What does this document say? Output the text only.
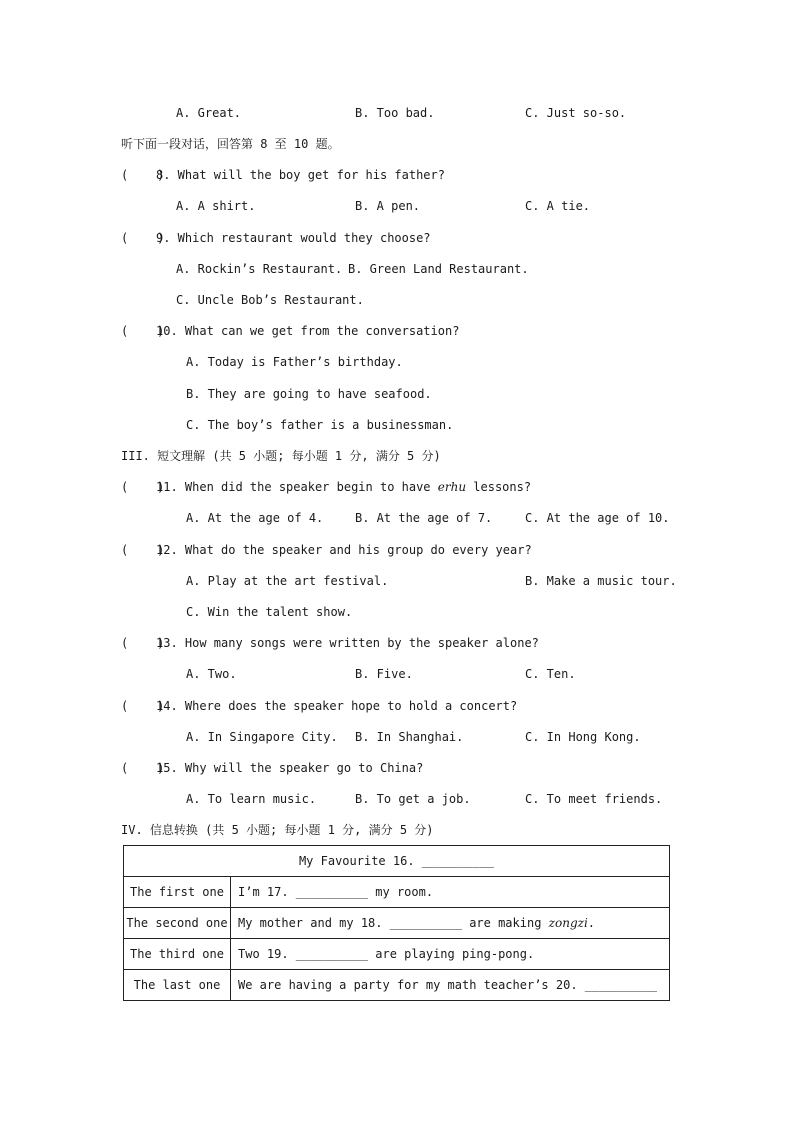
A. Great.	B. Too bad.	C. Just so-so.
听下面一段对话，回答第 8 至 10 题。
(    )
8. What will the boy get for his father?
A. A shirt.	B. A pen.	C. A tie.
(    )
9. Which restaurant would they choose?
A. Rockin’s Restaurant. B. Green Land Restaurant.
C. Uncle Bob’s Restaurant.
(    )
10. What can we get from the conversation?
A. Today is Father’s birthday.
B. They are going to have seafood.
C. The boy’s father is a businessman.
III. 短文理解 (共 5 小题; 每小题 1 分, 满分 5 分)
(    )
11. When did the speaker begin to have erhu lessons?
A. At the age of 4.	B. At the age of 7.	C. At the age of 10.
(    )
12. What do the speaker and his group do every year?
A. Play at the art festival.	B. Make a music tour.
C. Win the talent show.
(    )
13. How many songs were written by the speaker alone?
A. Two.	B. Five.	C. Ten.
(    )
14. Where does the speaker hope to hold a concert?
A. In Singapore City. B. In Shanghai.	C. In Hong Kong.
(    )
15. Why will the speaker go to China?
A. To learn music.	B. To get a job.	C. To meet friends.
IV. 信息转换 (共 5 小题; 每小题 1 分, 满分 5 分)
My Favourite 16. __________	
The first one	I’m 17. __________ my room.
The second one	My mother and my 18. __________ are making zongzi.
The third one	Two 19. __________ are playing ping-pong.
The last one	We are having a party for my math teacher’s 20. __________
